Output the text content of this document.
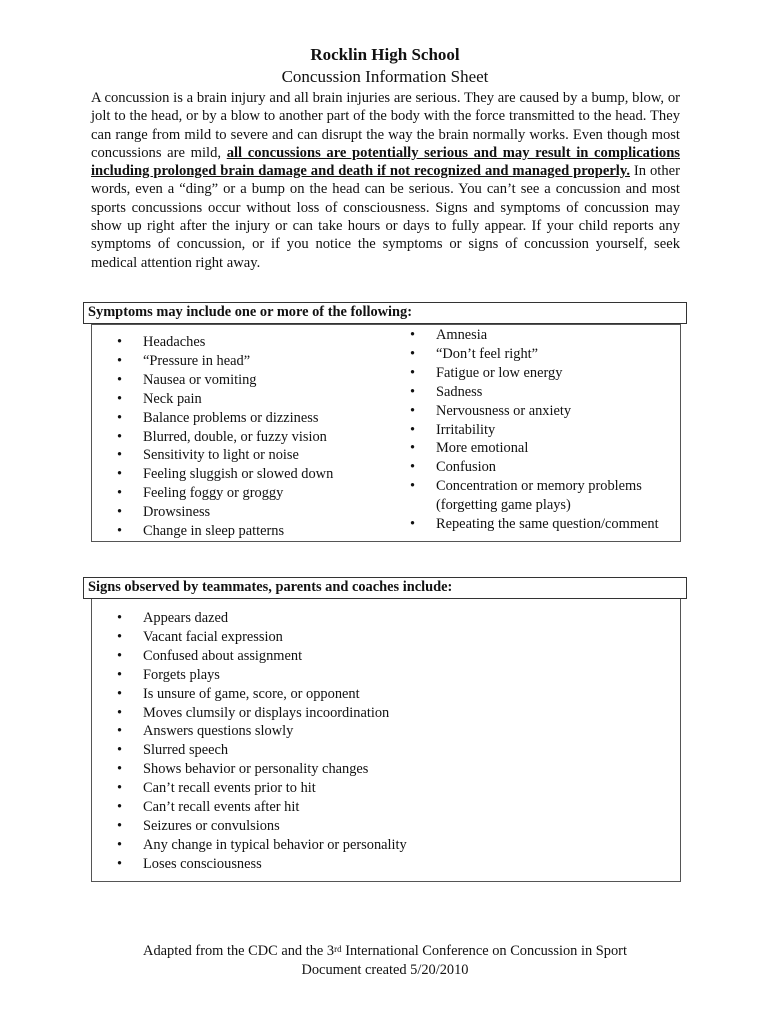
Rocklin High School
Concussion Information Sheet

A concussion is a brain injury and all brain injuries are serious. They are caused by a bump, blow, or jolt to the head, or by a blow to another part of the body with the force transmitted to the head. They can range from mild to severe and can disrupt the way the brain normally works. Even though most concussions are mild, all concussions are potentially serious and may result in complications including prolonged brain damage and death if not recognized and managed properly. In other words, even a “ding” or a bump on the head can be serious. You can’t see a concussion and most sports concussions occur without loss of consciousness. Signs and symptoms of concussion may show up right after the injury or can take hours or days to fully appear. If your child reports any symptoms of concussion, or if you notice the symptoms or signs of concussion yourself, seek medical attention right away.

Symptoms may include one or more of the following:
• Headaches
• “Pressure in head”
• Nausea or vomiting
• Neck pain
• Balance problems or dizziness
• Blurred, double, or fuzzy vision
• Sensitivity to light or noise
• Feeling sluggish or slowed down
• Feeling foggy or groggy
• Drowsiness
• Change in sleep patterns
• Amnesia
• “Don’t feel right”
• Fatigue or low energy
• Sadness
• Nervousness or anxiety
• Irritability
• More emotional
• Confusion
• Concentration or memory problems (forgetting game plays)
• Repeating the same question/comment
Signs observed by teammates, parents and coaches include:
• Appears dazed
• Vacant facial expression
• Confused about assignment
• Forgets plays
• Is unsure of game, score, or opponent
• Moves clumsily or displays incoordination
• Answers questions slowly
• Slurred speech
• Shows behavior or personality changes
• Can’t recall events prior to hit
• Can’t recall events after hit
• Seizures or convulsions
• Any change in typical behavior or personality
• Loses consciousness
Adapted from the CDC and the 3rd International Conference on Concussion in Sport
Document created 5/20/2010
